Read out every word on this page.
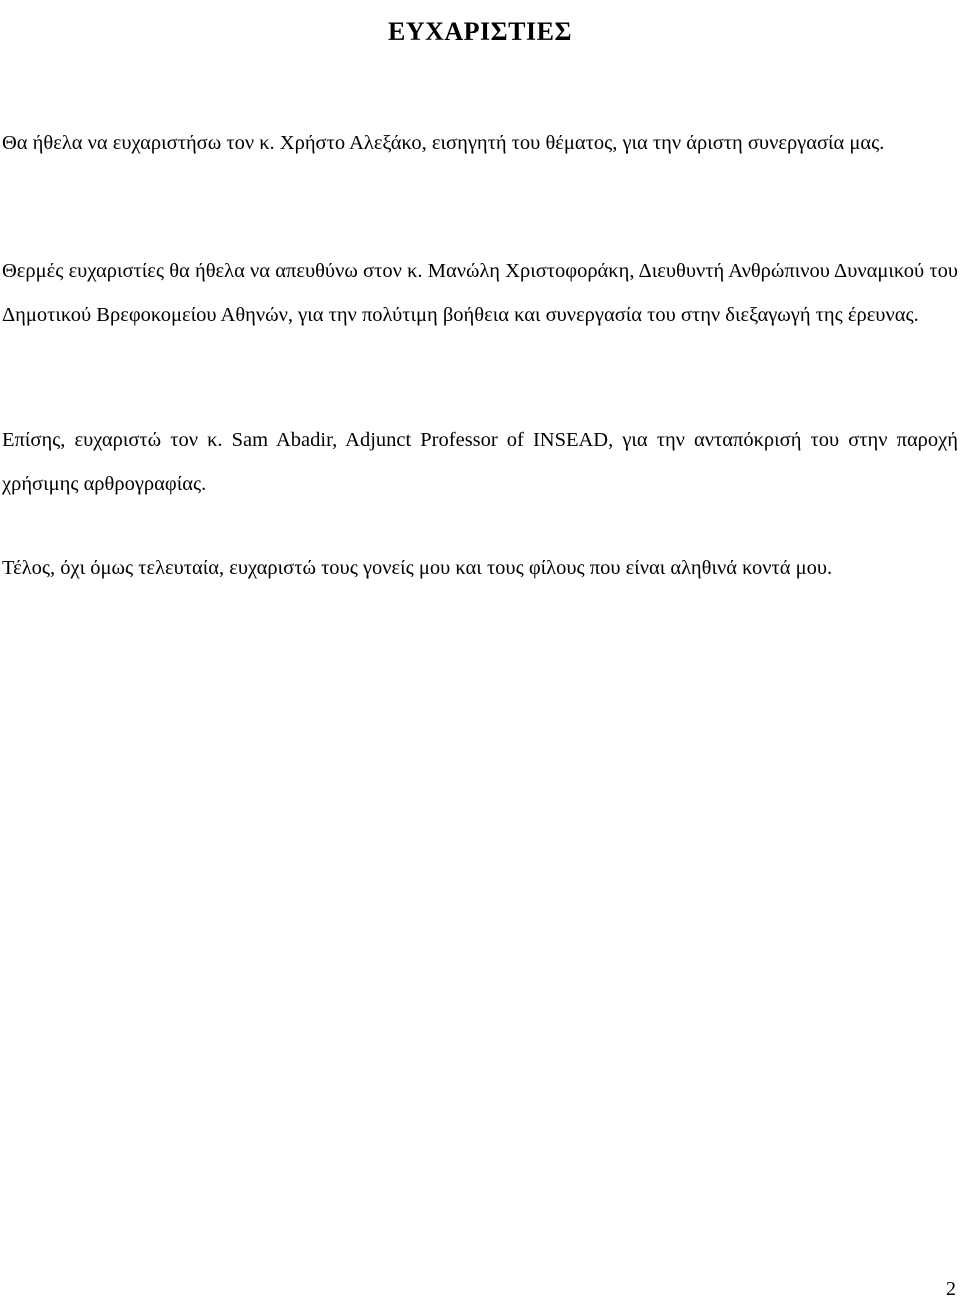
ΕΥΧΑΡΙΣΤΙΕΣ

Θα ήθελα να ευχαριστήσω τον κ. Χρήστο Αλεξάκο, εισηγητή του θέματος, για την άριστη συνεργασία μας.

Θερμές ευχαριστίες θα ήθελα να απευθύνω στον κ. Μανώλη Χριστοφοράκη, Διευθυντή Ανθρώπινου Δυναμικού του Δημοτικού Βρεφοκομείου Αθηνών, για την πολύτιμη βοήθεια και συνεργασία του στην διεξαγωγή της έρευνας.

Επίσης, ευχαριστώ τον κ. Sam Abadir, Adjunct Professor of INSEAD, για την ανταπόκρισή του στην παροχή χρήσιμης αρθρογραφίας.

Τέλος, όχι όμως τελευταία, ευχαριστώ τους γονείς μου και τους φίλους που είναι αληθινά κοντά μου.

2
